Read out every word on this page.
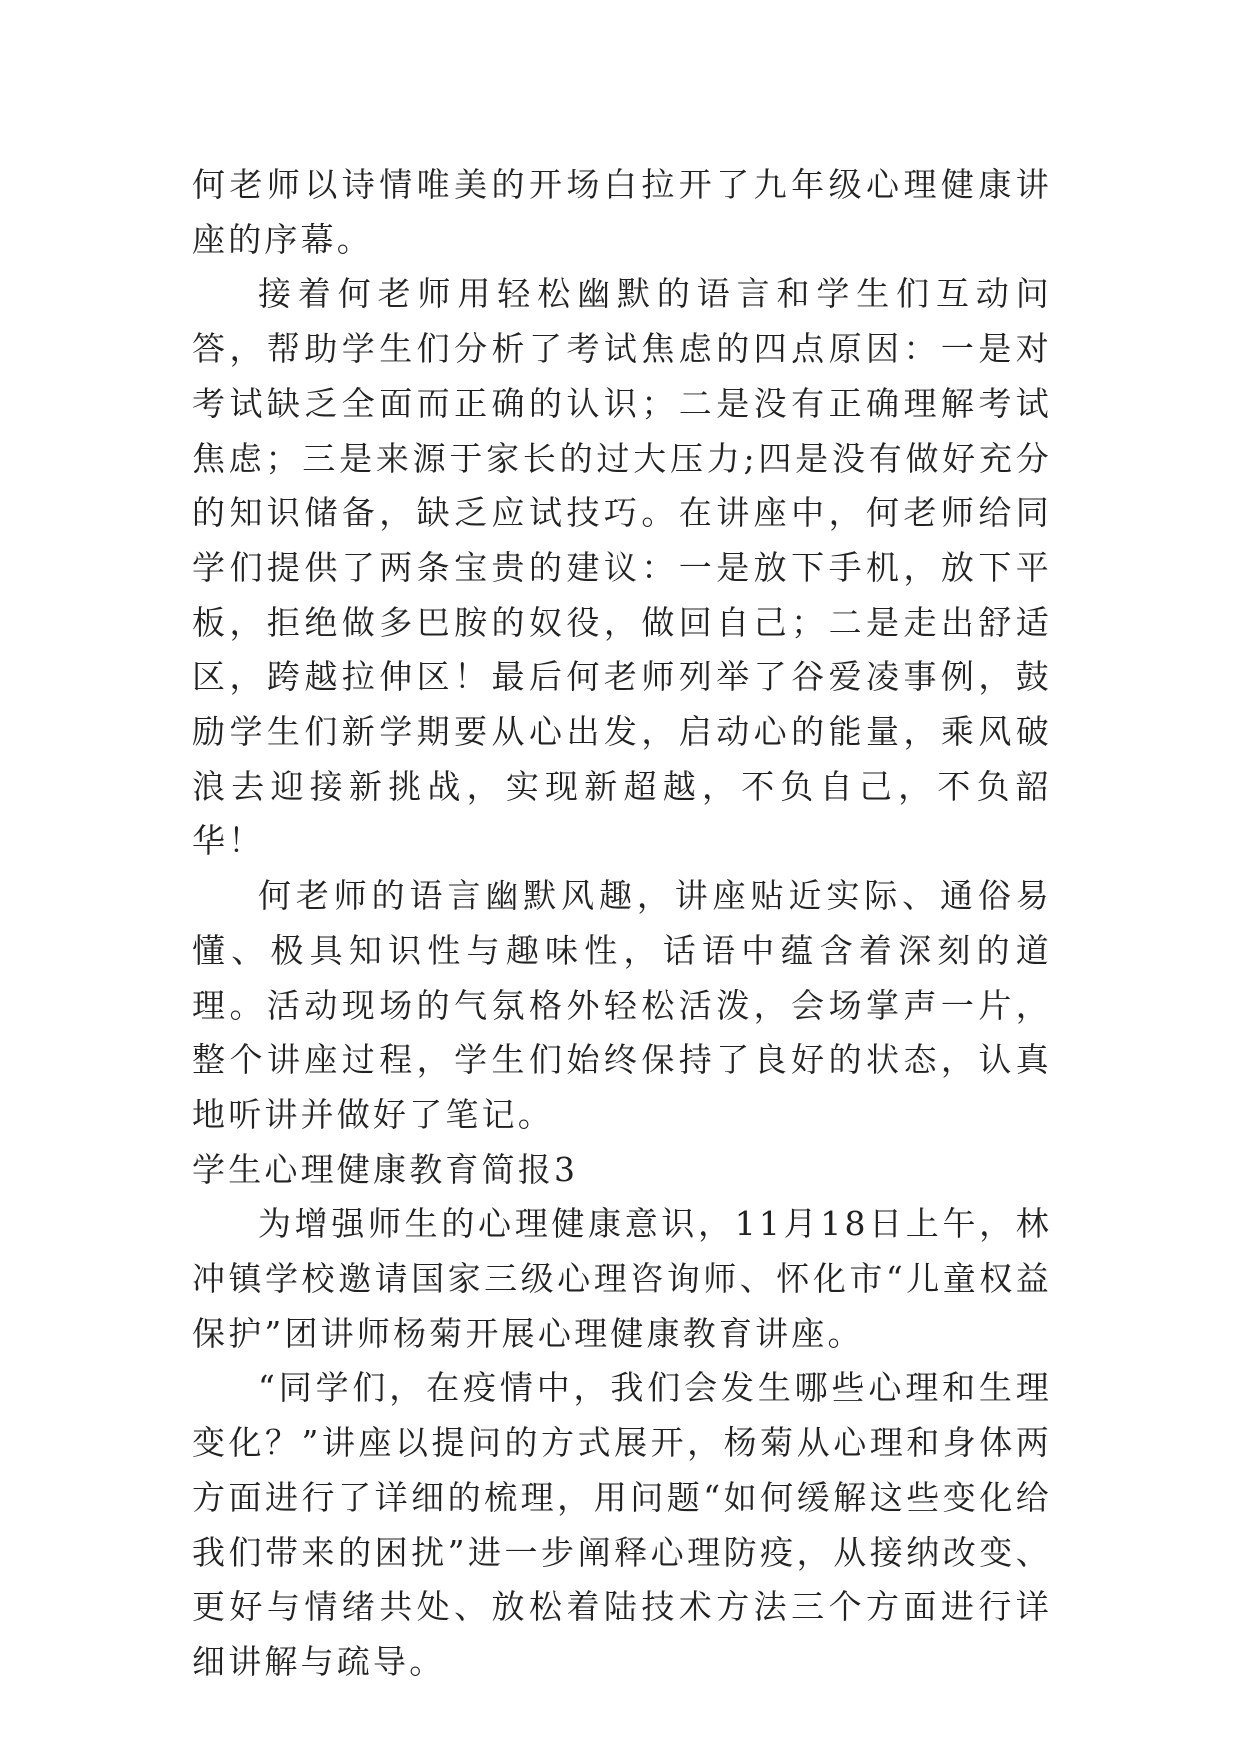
何老师以诗情唯美的开场白拉开了九年级心理健康讲座的序幕。

接着何老师用轻松幽默的语言和学生们互动问答，帮助学生们分析了考试焦虑的四点原因：一是对考试缺乏全面而正确的认识；二是没有正确理解考试焦虑；三是来源于家长的过大压力;四是没有做好充分的知识储备，缺乏应试技巧。在讲座中，何老师给同学们提供了两条宝贵的建议：一是放下手机，放下平板，拒绝做多巴胺的奴役，做回自己；二是走出舒适区，跨越拉伸区！最后何老师列举了谷爱凌事例，鼓励学生们新学期要从心出发，启动心的能量，乘风破浪去迎接新挑战，实现新超越，不负自己，不负韶华！

何老师的语言幽默风趣，讲座贴近实际、通俗易懂、极具知识性与趣味性，话语中蕴含着深刻的道理。活动现场的气氛格外轻松活泼，会场掌声一片，整个讲座过程，学生们始终保持了良好的状态，认真地听讲并做好了笔记。

学生心理健康教育简报3

为增强师生的心理健康意识，11月18日上午，林冲镇学校邀请国家三级心理咨询师、怀化市“儿童权益保护”团讲师杨菊开展心理健康教育讲座。

“同学们，在疫情中，我们会发生哪些心理和生理变化？”讲座以提问的方式展开，杨菊从心理和身体两方面进行了详细的梳理，用问题“如何缓解这些变化给我们带来的困扰”进一步阐释心理防疫，从接纳改变、更好与情绪共处、放松着陆技术方法三个方面进行详细讲解与疏导。
